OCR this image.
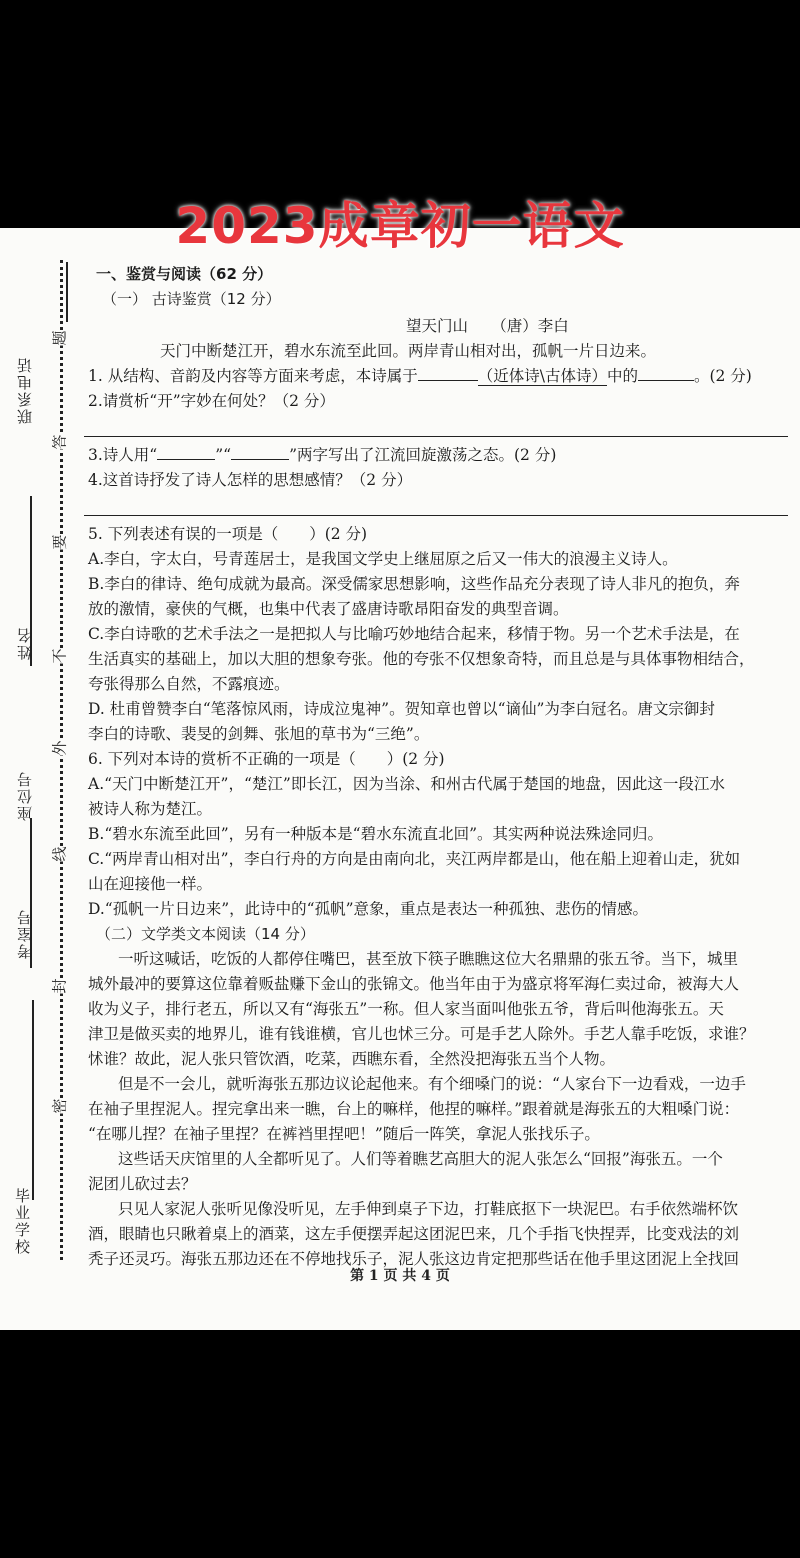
2023成章初一语文
联系电话
姓名
座位号
考室号
毕业学校
题
答
要
不
外
线
封
密
一、鉴赏与阅读（62 分）
（一） 古诗鉴赏（12 分）
望天门山　　（唐）李白
天门中断楚江开，碧水东流至此回。两岸青山相对出，孤帆一片日边来。
1. 从结构、音韵及内容等方面来考虑，本诗属于	（近体诗\古体诗）中的	。(2 分)
2.请赏析“开”字妙在何处？（2 分）
3.诗人用“	”“	”两字写出了江流回旋激荡之态。(2 分)
4.这首诗抒发了诗人怎样的思想感情？（2 分）
5. 下列表述有误的一项是（　　）(2 分)
A.李白，字太白，号青莲居士，是我国文学史上继屈原之后又一伟大的浪漫主义诗人。
B.李白的律诗、绝句成就为最高。深受儒家思想影响，这些作品充分表现了诗人非凡的抱负，奔
放的激情，豪侠的气概，也集中代表了盛唐诗歌昂阳奋发的典型音调。
C.李白诗歌的艺术手法之一是把拟人与比喻巧妙地结合起来，移情于物。另一个艺术手法是，在
生活真实的基础上，加以大胆的想象夸张。他的夸张不仅想象奇特，而且总是与具体事物相结合，
夸张得那么自然，不露痕迹。
D. 杜甫曾赞李白“笔落惊风雨，诗成泣鬼神”。贺知章也曾以“谪仙”为李白冠名。唐文宗御封
李白的诗歌、裴旻的剑舞、张旭的草书为“三绝”。
6. 下列对本诗的赏析不正确的一项是（　　）(2 分)
A.“天门中断楚江开”，“楚江”即长江，因为当涂、和州古代属于楚国的地盘，因此这一段江水
被诗人称为楚江。
B.“碧水东流至此回”，另有一种版本是“碧水东流直北回”。其实两种说法殊途同归。
C.“两岸青山相对出”，李白行舟的方向是由南向北，夹江两岸都是山，他在船上迎着山走，犹如
山在迎接他一样。
D.“孤帆一片日边来”，此诗中的“孤帆”意象，重点是表达一种孤独、悲伤的情感。
（二）文学类文本阅读（14 分）
一听这喊话，吃饭的人都停住嘴巴，甚至放下筷子瞧瞧这位大名鼎鼎的张五爷。当下，城里
城外最冲的要算这位靠着贩盐赚下金山的张锦文。他当年由于为盛京将军海仁卖过命，被海大人
收为义子，排行老五，所以又有“海张五”一称。但人家当面叫他张五爷，背后叫他海张五。天
津卫是做买卖的地界儿，谁有钱谁横，官儿也怵三分。可是手艺人除外。手艺人靠手吃饭，求谁？
怵谁？故此，泥人张只管饮酒，吃菜，西瞧东看，全然没把海张五当个人物。
但是不一会儿，就听海张五那边议论起他来。有个细嗓门的说：“人家台下一边看戏，一边手
在袖子里捏泥人。捏完拿出来一瞧，台上的嘛样，他捏的嘛样。”跟着就是海张五的大粗嗓门说：
“在哪儿捏？在袖子里捏？在裤裆里捏吧！”随后一阵笑，拿泥人张找乐子。
这些话天庆馆里的人全都听见了。人们等着瞧艺高胆大的泥人张怎么“回报”海张五。一个
泥团儿砍过去？
只见人家泥人张听见像没听见，左手伸到桌子下边，打鞋底抠下一块泥巴。右手依然端杯饮
酒，眼睛也只瞅着桌上的酒菜，这左手便摆弄起这团泥巴来，几个手指飞快捏弄，比变戏法的刘
秃子还灵巧。海张五那边还在不停地找乐子，泥人张这边肯定把那些话在他手里这团泥上全找回
第 1 页 共 4 页
